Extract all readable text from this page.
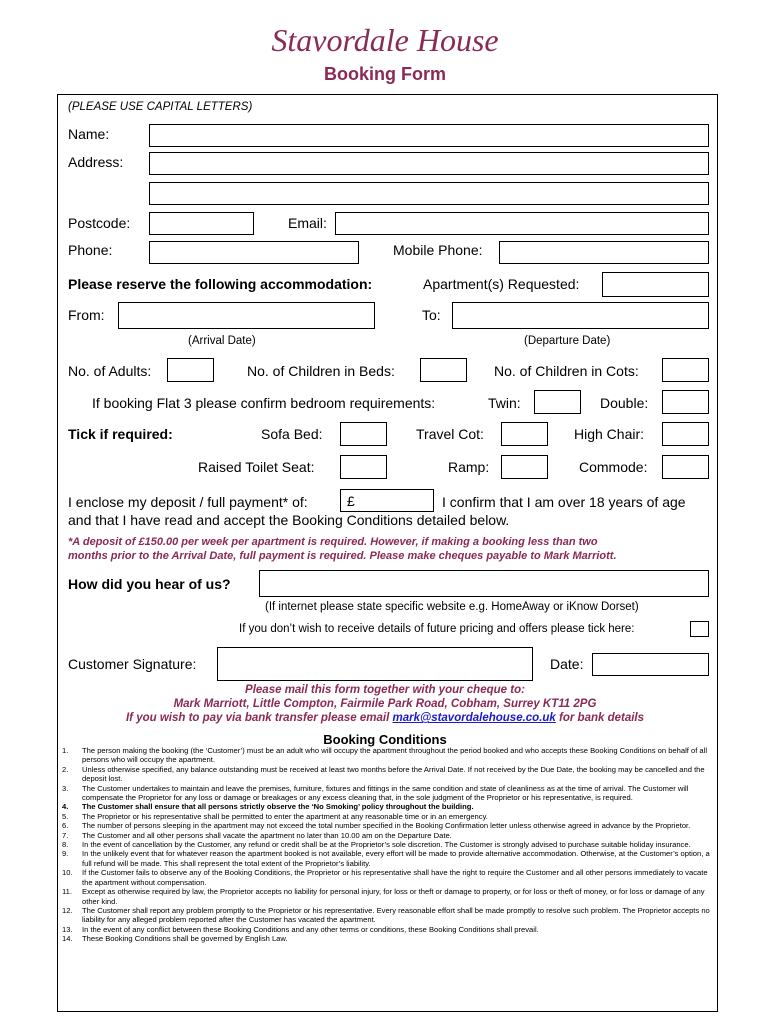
Stavordale House
Booking Form
(PLEASE USE CAPITAL LETTERS)
Name:
Address:
Postcode:	Email:
Phone:	Mobile Phone:
Please reserve the following accommodation:	Apartment(s) Requested:
From:	To:
(Arrival Date)	(Departure Date)
No. of Adults:	No. of Children in Beds:	No. of Children in Cots:
If booking Flat 3 please confirm bedroom requirements:	Twin:	Double:
Tick if required:	Sofa Bed:	Travel Cot:	High Chair:
Raised Toilet Seat:	Ramp:	Commode:
I enclose my deposit / full payment* of:	£	I confirm that I am over 18 years of age
and that I have read and accept the Booking Conditions detailed below.
*A deposit of £150.00 per week per apartment is required. However, if making a booking less than two
months prior to the Arrival Date, full payment is required. Please make cheques payable to Mark Marriott.
How did you hear of us?
(If internet please state specific website e.g. HomeAway or iKnow Dorset)
If you don’t wish to receive details of future pricing and offers please tick here:
Customer Signature:	Date:
Please mail this form together with your cheque to:
Mark Marriott, Little Compton, Fairmile Park Road, Cobham, Surrey KT11 2PG
If you wish to pay via bank transfer please email mark@stavordalehouse.co.uk for bank details
Booking Conditions
1. The person making the booking (the ‘Customer’) must be an adult who will occupy the apartment throughout the period booked and who accepts these Booking Conditions on behalf of all persons who will occupy the apartment.
2. Unless otherwise specified, any balance outstanding must be received at least two months before the Arrival Date. If not received by the Due Date, the booking may be cancelled and the deposit lost.
3. The Customer undertakes to maintain and leave the premises, furniture, fixtures and fittings in the same condition and state of cleanliness as at the time of arrival. The Customer will compensate the Proprietor for any loss or damage or breakages or any excess cleaning that, in the sole judgment of the Proprietor or his representative, is required.
4. The Customer shall ensure that all persons strictly observe the ‘No Smoking’ policy throughout the building.
5. The Proprietor or his representative shall be permitted to enter the apartment at any reasonable time or in an emergency.
6. The number of persons sleeping in the apartment may not exceed the total number specified in the Booking Confirmation letter unless otherwise agreed in advance by the Proprietor.
7. The Customer and all other persons shall vacate the apartment no later than 10.00 am on the Departure Date.
8. In the event of cancellation by the Customer, any refund or credit shall be at the Proprietor’s sole discretion. The Customer is strongly advised to purchase suitable holiday insurance.
9. In the unlikely event that for whatever reason the apartment booked is not available, every effort will be made to provide alternative accommodation. Otherwise, at the Customer’s option, a full refund will be made. This shall represent the total extent of the Proprietor’s liability.
10. If the Customer fails to observe any of the Booking Conditions, the Proprietor or his representative shall have the right to require the Customer and all other persons immediately to vacate the apartment without compensation.
11. Except as otherwise required by law, the Proprietor accepts no liability for personal injury, for loss or theft or damage to property, or for loss or theft of money, or for loss or damage of any other kind.
12. The Customer shall report any problem promptly to the Proprietor or his representative. Every reasonable effort shall be made promptly to resolve such problem. The Proprietor accepts no liability for any alleged problem reported after the Customer has vacated the apartment.
13. In the event of any conflict between these Booking Conditions and any other terms or conditions, these Booking Conditions shall prevail.
14. These Booking Conditions shall be governed by English Law.
